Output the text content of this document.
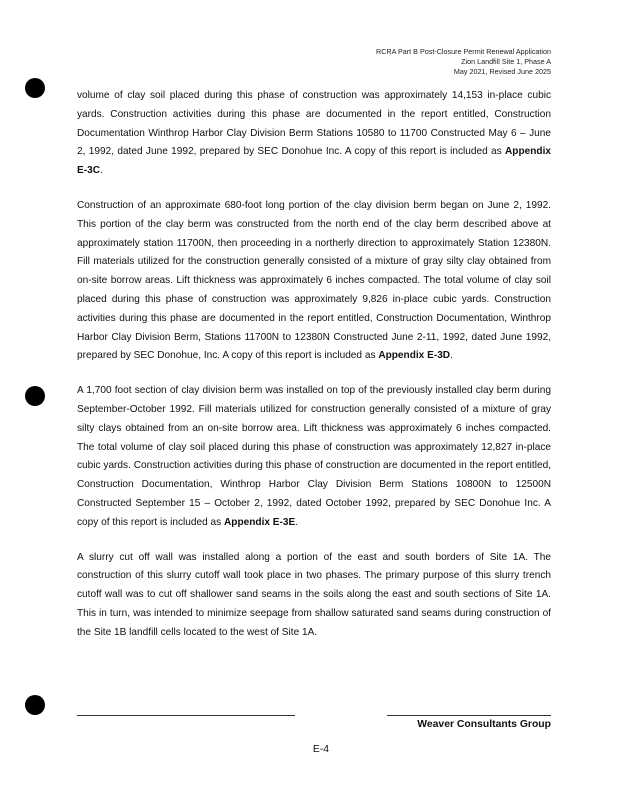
RCRA Part B Post-Closure Permit Renewal Application
Zion Landfill Site 1, Phase A
May 2021, Revised June 2025

volume of clay soil placed during this phase of construction was approximately 14,153 in-place cubic yards. Construction activities during this phase are documented in the report entitled, Construction Documentation Winthrop Harbor Clay Division Berm Stations 10580 to 11700 Constructed May 6 – June 2, 1992, dated June 1992, prepared by SEC Donohue Inc. A copy of this report is included as Appendix E-3C.

Construction of an approximate 680-foot long portion of the clay division berm began on June 2, 1992. This portion of the clay berm was constructed from the north end of the clay berm described above at approximately station 11700N, then proceeding in a northerly direction to approximately Station 12380N. Fill materials utilized for the construction generally consisted of a mixture of gray silty clay obtained from on-site borrow areas. Lift thickness was approximately 6 inches compacted. The total volume of clay soil placed during this phase of construction was approximately 9,826 in-place cubic yards. Construction activities during this phase are documented in the report entitled, Construction Documentation, Winthrop Harbor Clay Division Berm, Stations 11700N to 12380N Constructed June 2-11, 1992, dated June 1992, prepared by SEC Donohue, Inc. A copy of this report is included as Appendix E-3D.

A 1,700 foot section of clay division berm was installed on top of the previously installed clay berm during September-October 1992. Fill materials utilized for construction generally consisted of a mixture of gray silty clays obtained from an on-site borrow area. Lift thickness was approximately 6 inches compacted. The total volume of clay soil placed during this phase of construction was approximately 12,827 in-place cubic yards. Construction activities during this phase of construction are documented in the report entitled, Construction Documentation, Winthrop Harbor Clay Division Berm Stations 10800N to 12500N Constructed September 15 – October 2, 1992, dated October 1992, prepared by SEC Donohue Inc. A copy of this report is included as Appendix E-3E.

A slurry cut off wall was installed along a portion of the east and south borders of Site 1A. The construction of this slurry cutoff wall took place in two phases. The primary purpose of this slurry trench cutoff wall was to cut off shallower sand seams in the soils along the east and south sections of Site 1A. This in turn, was intended to minimize seepage from shallow saturated sand seams during construction of the Site 1B landfill cells located to the west of Site 1A.

Weaver Consultants Group
E-4
